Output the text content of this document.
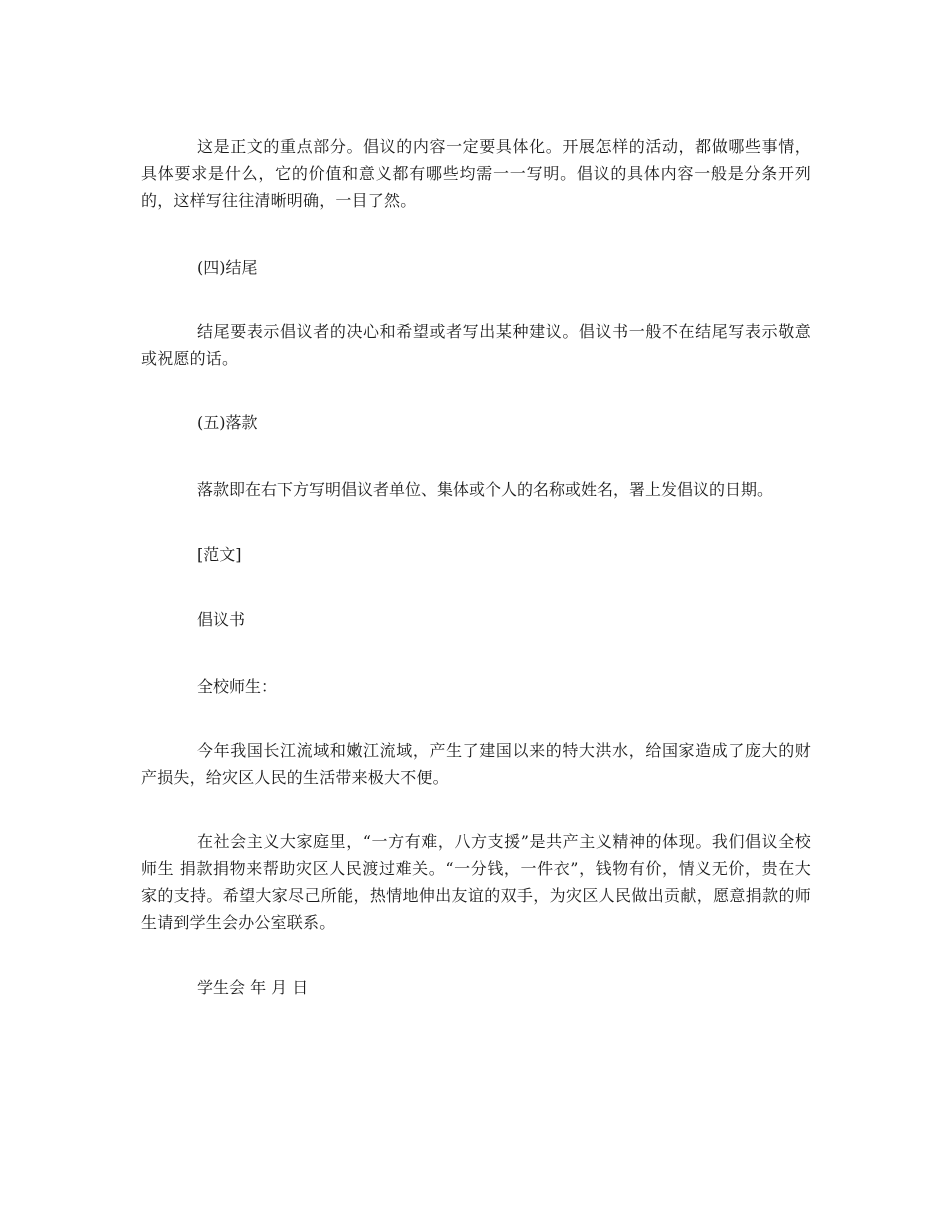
这是正文的重点部分。倡议的内容一定要具体化。开展怎样的活动，都做哪些事情，具体要求是什么，它的价值和意义都有哪些均需一一写明。倡议的具体内容一般是分条开列的，这样写往往清晰明确，一目了然。

(四)结尾

结尾要表示倡议者的决心和希望或者写出某种建议。倡议书一般不在结尾写表示敬意或祝愿的话。

(五)落款

落款即在右下方写明倡议者单位、集体或个人的名称或姓名，署上发倡议的日期。

[范文]

倡议书

全校师生：

今年我国长江流域和嫩江流域，产生了建国以来的特大洪水，给国家造成了庞大的财产损失，给灾区人民的生活带来极大不便。

在社会主义大家庭里，“一方有难，八方支援”是共产主义精神的体现。我们倡议全校师生 捐款捐物来帮助灾区人民渡过难关。“一分钱，一件衣”，钱物有价，情义无价，贵在大家的支持。希望大家尽己所能，热情地伸出友谊的双手，为灾区人民做出贡献，愿意捐款的师生请到学生会办公室联系。

学生会 年 月 日
